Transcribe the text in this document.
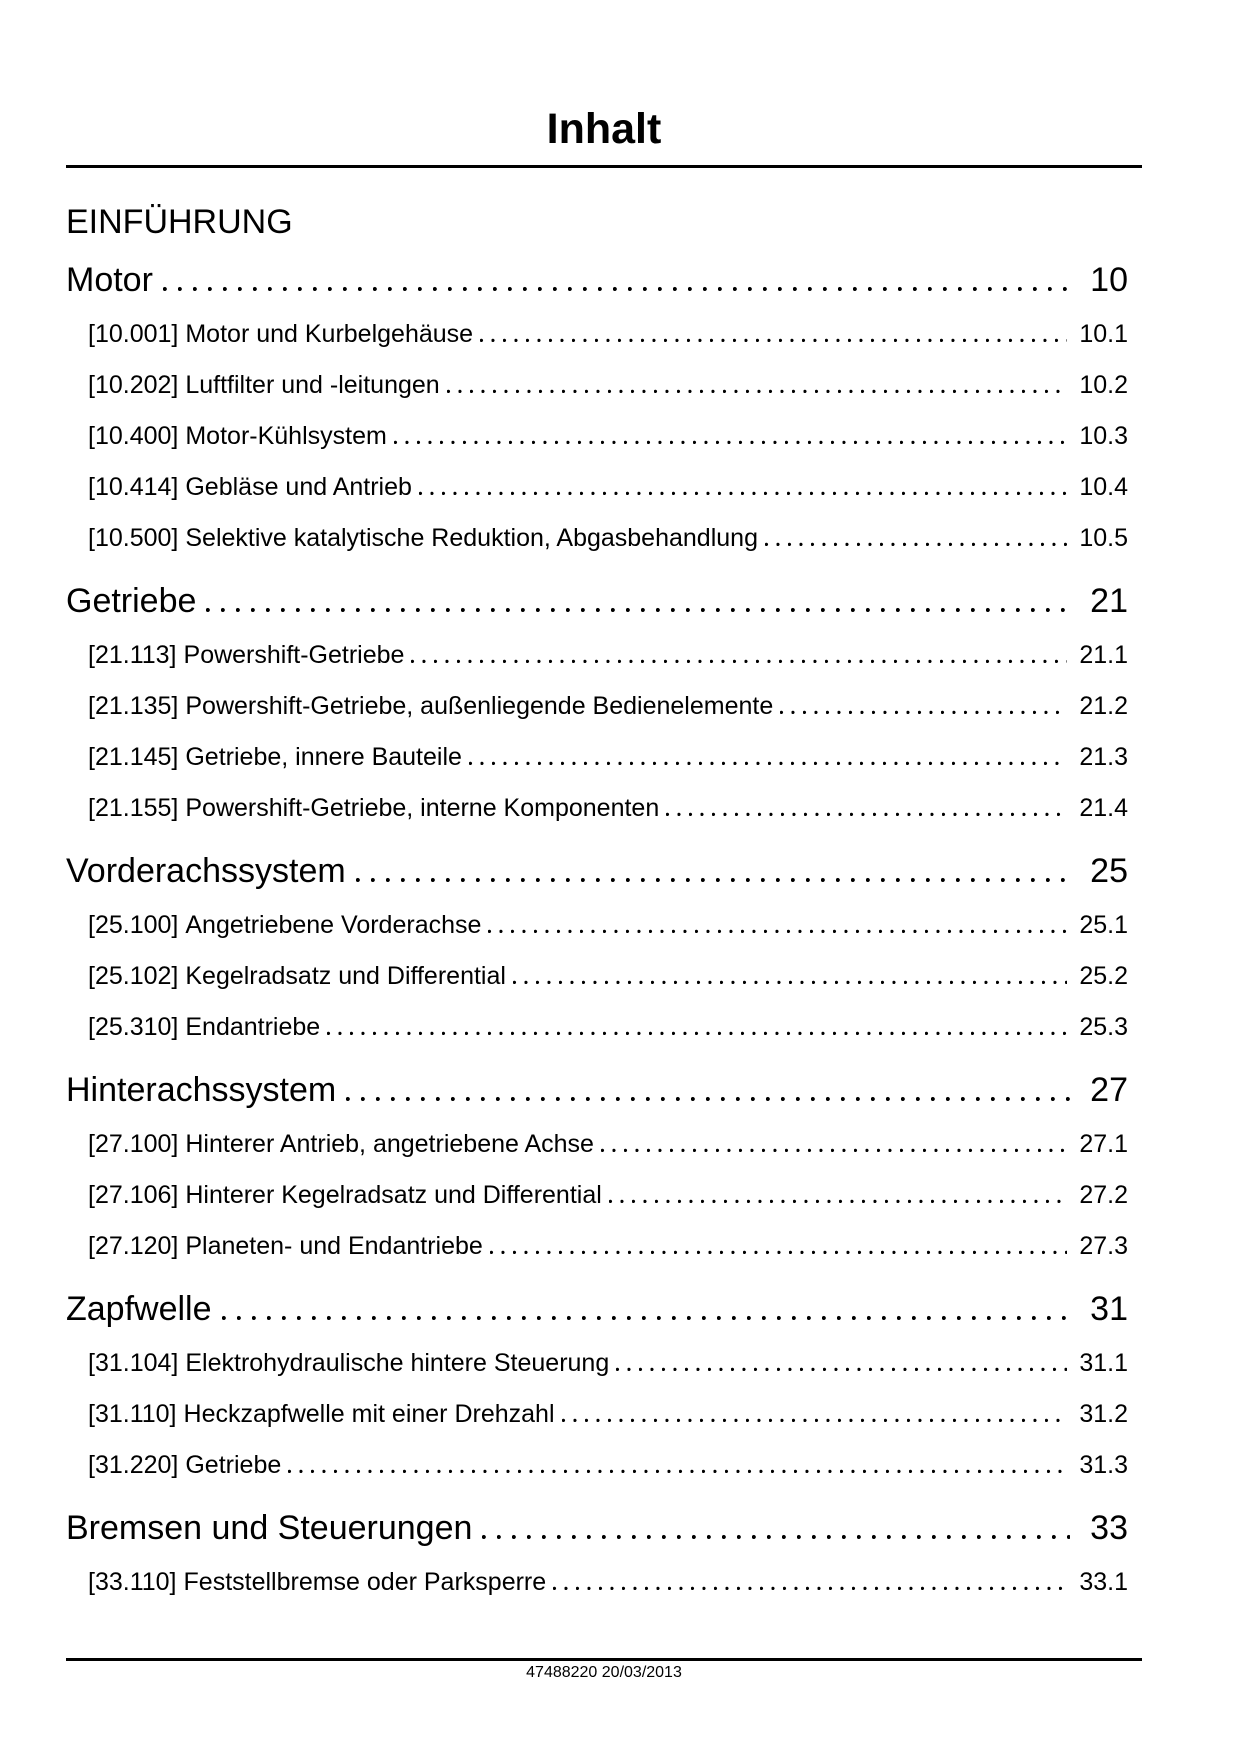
Inhalt
EINFÜHRUNG
Motor	10
[10.001] Motor und Kurbelgehäuse	10.1
[10.202] Luftfilter und -leitungen	10.2
[10.400] Motor-Kühlsystem	10.3
[10.414] Gebläse und Antrieb	10.4
[10.500] Selektive katalytische Reduktion, Abgasbehandlung	10.5
Getriebe	21
[21.113] Powershift-Getriebe	21.1
[21.135] Powershift-Getriebe, außenliegende Bedienelemente	21.2
[21.145] Getriebe, innere Bauteile	21.3
[21.155] Powershift-Getriebe, interne Komponenten	21.4
Vorderachssystem	25
[25.100] Angetriebene Vorderachse	25.1
[25.102] Kegelradsatz und Differential	25.2
[25.310] Endantriebe	25.3
Hinterachssystem	27
[27.100] Hinterer Antrieb, angetriebene Achse	27.1
[27.106] Hinterer Kegelradsatz und Differential	27.2
[27.120] Planeten- und Endantriebe	27.3
Zapfwelle	31
[31.104] Elektrohydraulische hintere Steuerung	31.1
[31.110] Heckzapfwelle mit einer Drehzahl	31.2
[31.220] Getriebe	31.3
Bremsen und Steuerungen	33
[33.110] Feststellbremse oder Parksperre	33.1
47488220 20/03/2013
